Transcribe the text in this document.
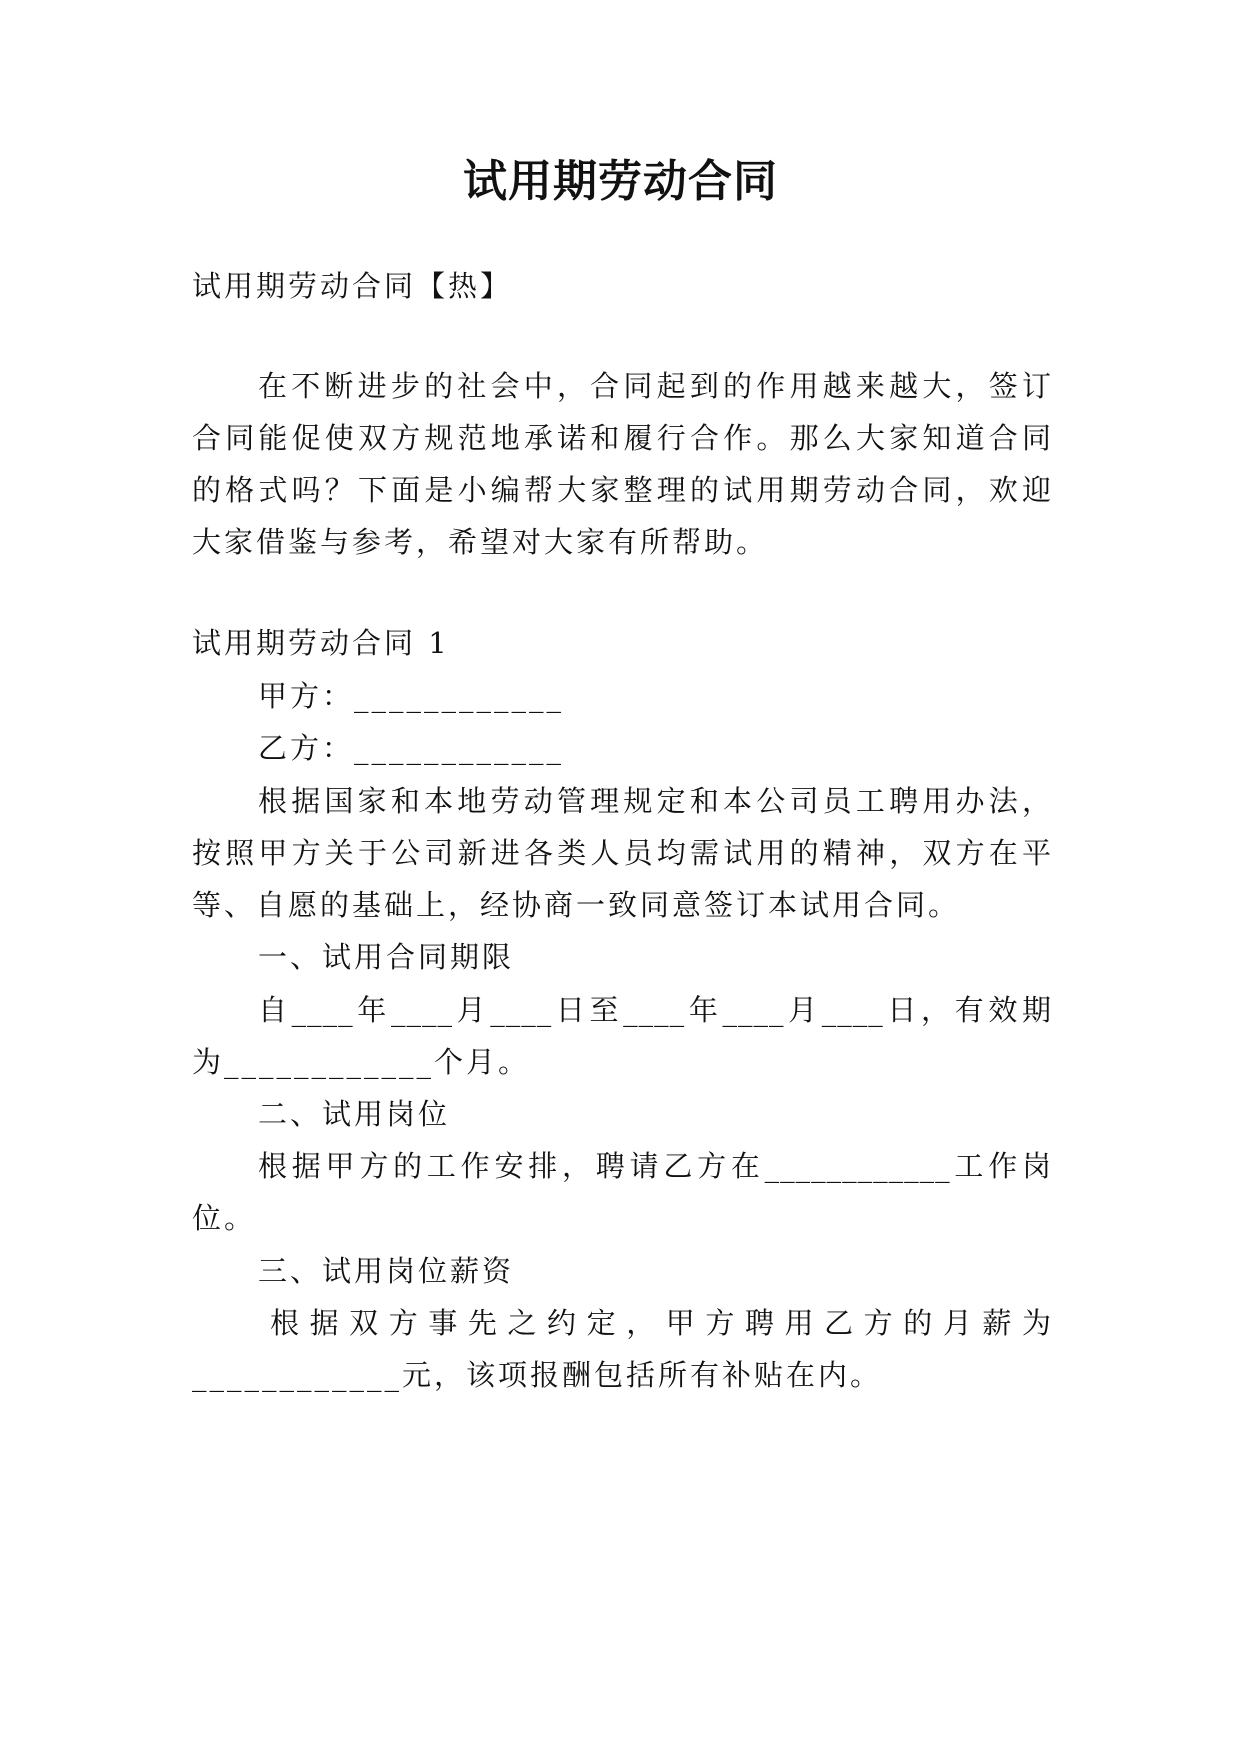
试用期劳动合同
试用期劳动合同【热】
在不断进步的社会中，合同起到的作用越来越大，签订
合同能促使双方规范地承诺和履行合作。那么大家知道合同
的格式吗？下面是小编帮大家整理的试用期劳动合同，欢迎
大家借鉴与参考，希望对大家有所帮助。
试用期劳动合同 1
甲方：____________
乙方：____________
根据国家和本地劳动管理规定和本公司员工聘用办法，
按照甲方关于公司新进各类人员均需试用的精神，双方在平
等、自愿的基础上，经协商一致同意签订本试用合同。
一、试用合同期限
自____年____月____日至____年____月____日，有效期
为____________个月。
二、试用岗位
根据甲方的工作安排，聘请乙方在____________工作岗
位。
三、试用岗位薪资
根据双方事先之约定，甲方聘用乙方的月薪为
____________元，该项报酬包括所有补贴在内。
